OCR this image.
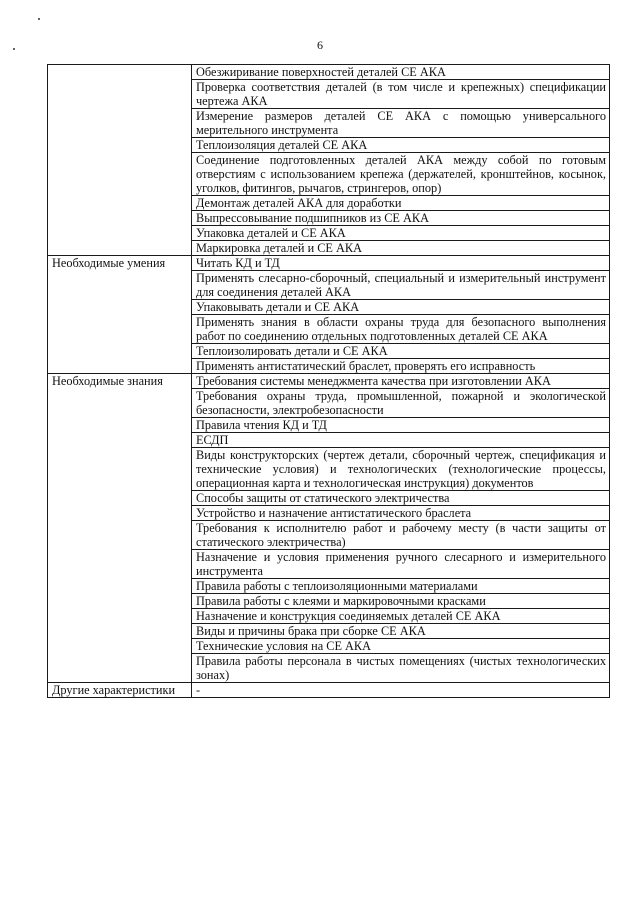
6
	Обезжиривание поверхностей деталей СЕ АКА
	Проверка соответствия деталей (в том числе и крепежных) спецификации чертежа АКА
	Измерение размеров деталей СЕ АКА с помощью универсального мерительного инструмента
	Теплоизоляция деталей СЕ АКА
	Соединение подготовленных деталей АКА между собой по готовым отверстиям с использованием крепежа (держателей, кронштейнов, косынок, уголков, фитингов, рычагов, стрингеров, опор)
	Демонтаж деталей АКА для доработки
	Выпрессовывание подшипников из СЕ АКА
	Упаковка деталей и СЕ АКА
	Маркировка деталей и СЕ АКА
Необходимые умения	Читать КД и ТД
	Применять слесарно-сборочный, специальный и измерительный инструмент для соединения деталей АКА
	Упаковывать детали и СЕ АКА
	Применять знания в области охраны труда для безопасного выполнения работ по соединению отдельных подготовленных деталей СЕ АКА
	Теплоизолировать детали и СЕ АКА
	Применять антистатический браслет, проверять его исправность
Необходимые знания	Требования системы менеджмента качества при изготовлении АКА
	Требования охраны труда, промышленной, пожарной и экологической безопасности, электробезопасности
	Правила чтения КД и ТД
	ЕСДП
	Виды конструкторских (чертеж детали, сборочный чертеж, спецификация и технические условия) и технологических (технологические процессы, операционная карта и технологическая инструкция) документов
	Способы защиты от статического электричества
	Устройство и назначение антистатического браслета
	Требования к исполнителю работ и рабочему месту (в части защиты от статического электричества)
	Назначение и условия применения ручного слесарного и измерительного инструмента
	Правила работы с теплоизоляционными материалами
	Правила работы с клеями и маркировочными красками
	Назначение и конструкция соединяемых деталей СЕ АКА
	Виды и причины брака при сборке СЕ АКА
	Технические условия на СЕ АКА
	Правила работы персонала в чистых помещениях (чистых технологических зонах)
Другие характеристики	-
